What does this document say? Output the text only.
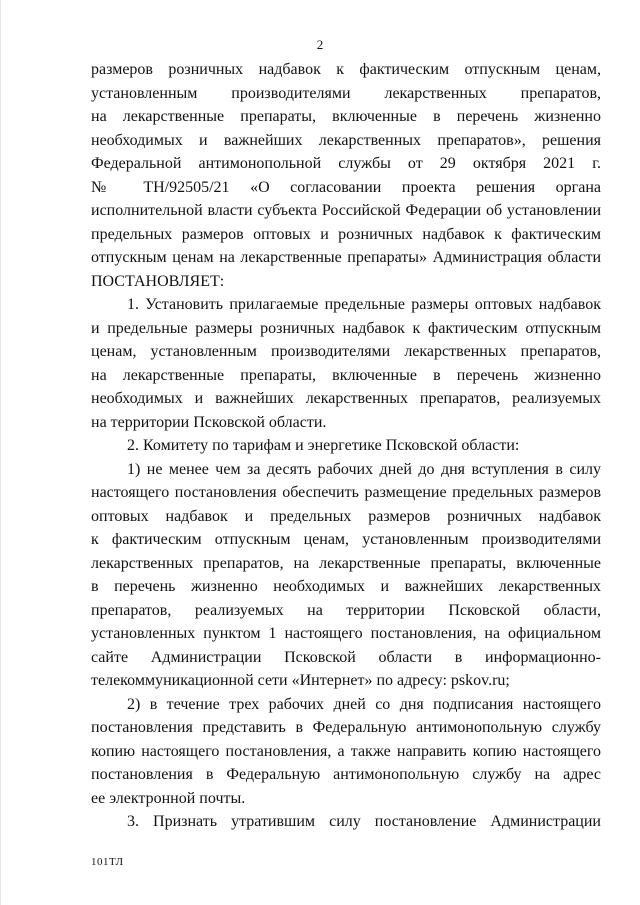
2
размеров розничных надбавок к фактическим отпускным ценам,
установленным производителями лекарственных препаратов,
на лекарственные препараты, включенные в перечень жизненно
необходимых и важнейших лекарственных препаратов», решения
Федеральной антимонопольной службы от 29 октября 2021 г.
№ ТН/92505/21 «О согласовании проекта решения органа
исполнительной власти субъекта Российской Федерации об установлении
предельных размеров оптовых и розничных надбавок к фактическим
отпускным ценам на лекарственные препараты» Администрация области
ПОСТАНОВЛЯЕТ:
1. Установить прилагаемые предельные размеры оптовых надбавок
и предельные размеры розничных надбавок к фактическим отпускным
ценам, установленным производителями лекарственных препаратов,
на лекарственные препараты, включенные в перечень жизненно
необходимых и важнейших лекарственных препаратов, реализуемых
на территории Псковской области.
2. Комитету по тарифам и энергетике Псковской области:
1) не менее чем за десять рабочих дней до дня вступления в силу
настоящего постановления обеспечить размещение предельных размеров
оптовых надбавок и предельных размеров розничных надбавок
к фактическим отпускным ценам, установленным производителями
лекарственных препаратов, на лекарственные препараты, включенные
в перечень жизненно необходимых и важнейших лекарственных
препаратов, реализуемых на территории Псковской области,
установленных пунктом 1 настоящего постановления, на официальном
сайте Администрации Псковской области в информационно-
телекоммуникационной сети «Интернет» по адресу: pskov.ru;
2) в течение трех рабочих дней со дня подписания настоящего
постановления представить в Федеральную антимонопольную службу
копию настоящего постановления, а также направить копию настоящего
постановления в Федеральную антимонопольную службу на адрес
ее электронной почты.
3. Признать утратившим силу постановление Администрации
101ТЛ
